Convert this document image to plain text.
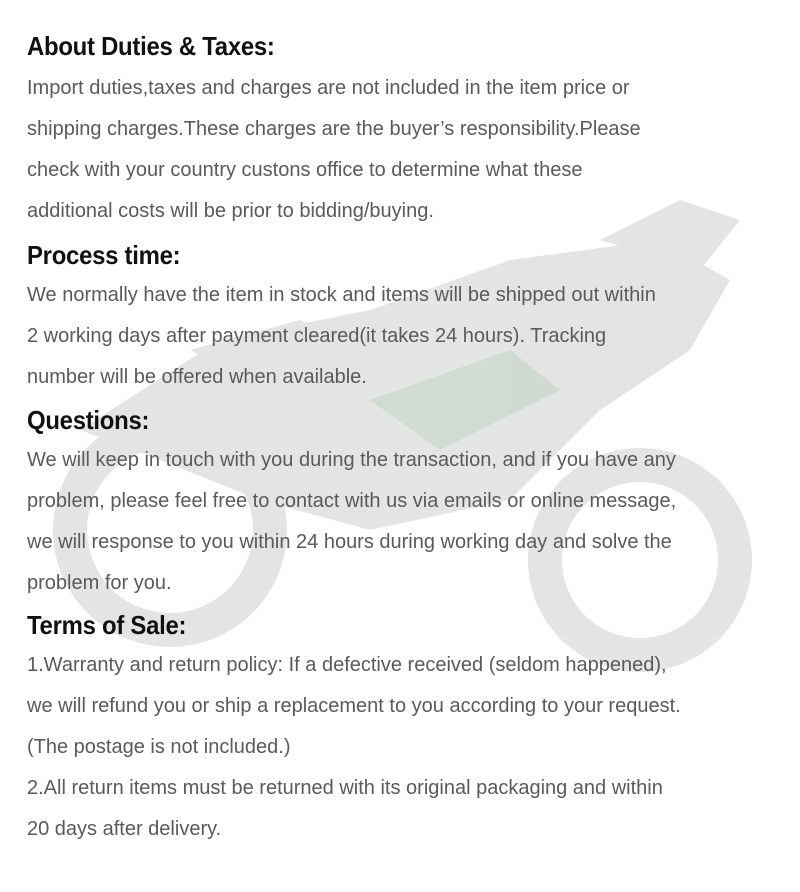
About Duties & Taxes:

Import duties,taxes and charges are not included in the item price or
shipping charges.These charges are the buyer’s responsibility.Please
check with your country custons office to determine what these
additional costs will be prior to bidding/buying.

Process time:

We normally have the item in stock and items will be shipped out within
2 working days after payment cleared(it takes 24 hours). Tracking
number will be offered when available.

Questions:

We will keep in touch with you during the transaction, and if you have any
problem, please feel free to contact with us via emails or online message,
we will response to you within 24 hours during working day and solve the
problem for you.

Terms of Sale:

1.Warranty and return policy: If a defective received (seldom happened),
we will refund you or ship a replacement to you according to your request.
(The postage is not included.)
2.All return items must be returned with its original packaging and within
20 days after delivery.
